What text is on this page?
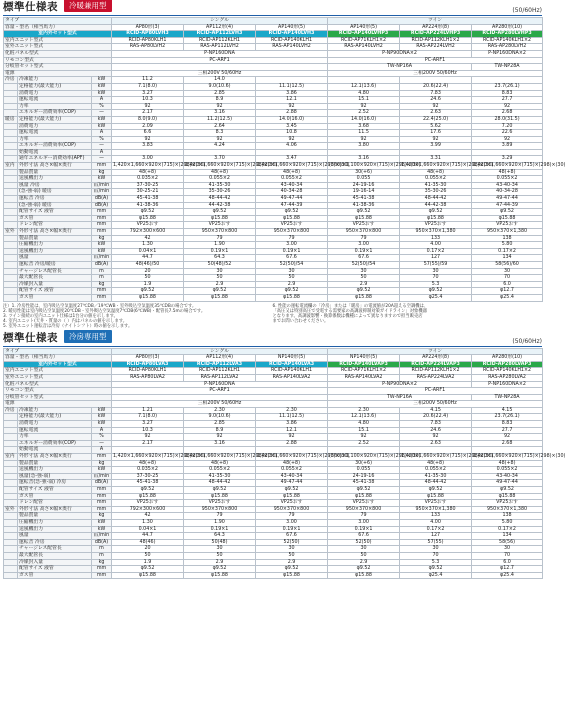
標準仕様表 冷暖兼用型
(50/60Hz)
タイプ			シングル			ツイン		
容量・型名（相当馬力）			AP80形(3)	AP112形(4)	AP140形(5)	AP140形(5)	AP224形(8)	AP280形(10)
室内外セット型式			RCID-AP80LVH3	RCID-AP112LVH3	RCID-AP140LVH3	RCID-AP140LVHP3	RCID-AP224LVHP3	RCID-AP280LVHP3
室内ユニット型式			RCID-AP80KLH1	RCID-AP112KLH1	RCID-AP140KLH1	RCID-AP71KLH1×2	RCID-AP112KLH1×2	RCID-AP140KLH1×2
室外ユニット型式			RAS-AP80LVH2	RAS-AP112LVH2	RAS-AP140LVH2	RAS-AP140LVH2	RAS-AP224LVH2	RAS-AP280LVH2
化粧パネル型式			P-NP160DNA			P-NP90DNA×2		P-NP160DNA×2
リモコン型式			PC-ARF1			PC-ARF1		
分岐管セット型式						TW-NP16A		TW-NP28A
電源			三相200V 50/60Hz			三相200V 50/60Hz		
冷房	冷凍能力	kW	11.2	14.0				
	定格能力(最大能力)	kW	7.1(8.0)	9.0(10.6)	11.1(12.5)	12.1(13.6)	20.6(22.4)	23.7(26.1)
	消費電力	kW	3.27	2.85	3.86	4.80	7.83	8.83
	運転電流	A	10.3	8.9	12.1	15.1	24.6	27.7
	力率	%	92	92	92	92	92	92
	エネルギー消費効率(COP)	—	2.17	3.16	2.88	2.52	2.63	2.68
暖房	定格能力(最大能力)	kW	8.0(9.0)	11.2(12.5)	14.0(16.0)	14.0(16.0)	22.4(25.0)	28.0(31.5)
	消費電力	kW	2.09	2.64	3.45	3.68	5.62	7.20
	運転電流	A	6.6	8.3	10.8	11.5	17.6	22.6
	力率	%	92	92	92	92	92	92
	エネルギー消費効率(COP)	—	3.83	4.24	4.06	3.80	3.99	3.89
	始動電流	A						
	通年エネルギー消費効率(APF)	—	3.00	3.70	3.47	3.16	3.31	3.29
室内	外形寸法 高さ×幅×奥行	mm	1,420×1,660×920×(715)×(298)×(30)	1,420×1,660×920×(715)×(298)×(30)	1,420×1,660×920×(715)×(298)×(30)	(360)×1,100×920×(715)×(298)×(30)	1,420×1,660×920×(715)×(298)×(30)	1,420×1,660×920×(715)×(298)×(30)
	製品質量	kg	48(+8)	48(+8)	48(+8)	30(+6)	48(+8)	48(+8)
	送風機出力	kW	0.035×2	0.055×2	0.055×2	0.055	0.055×2	0.055×2
	風量 冷房	㎥/min	37-30-25	41-35-30	43-40-34	24-19-16	41-35-30	43-40-34
	(急-強-弱) 暖房	㎥/min	30-25-21	35-30-26	40-34-28	19-16-14	35-30-26	40-34-28
	運転音 冷房	dB(A)	45-41-38	48-44-42	49-47-44	45-41-38	48-44-42	49-47-44
	(急-強-弱) 暖房	dB(A)	41-38-36	44-42-38	47-44-39	41-38-36	44-42-38	47-44-39
	配管サイズ 液管	mm	φ9.52	φ9.52	φ9.52	φ9.52	φ9.52	φ9.52
	ガス管	mm	φ15.88	φ15.88	φ15.88	φ15.88	φ15.88	φ15.88
	ドレン配管	mm	VP25おす	VP25おす	VP25おす	VP25おす	VP25おす	VP25おす
室外	外形寸法 高さ×幅×奥行	mm	792×300×600	950×370×800	950×370×800	950×370×800	950×370×1,380	950×370×1,380
	製品質量	kg	42	79	79	79	133	138
	圧縮機出力	kW	1.30	1.90	3.00	3.00	4.00	5.80
	送風機出力	kW	0.04×1	0.19×1	0.19×1	0.19×1	0.17×2	0.17×2
	風量	㎥/min	44.7	64.3	67.6	67.6	127	134
	運転音 冷房/暖房	dB(A)	48(46)/50	50(48)/52	52(50)/54	52(50)/54	57(55)/59	58(56)/60
	チャージレス配管長	m	20	30	30	30	30	30
	最大配管長	m	50	50	50	50	70	70
	冷媒封入量	kg	1.9	2.9	2.9	2.9	5.3	6.0
	配管サイズ 液管	mm	φ9.52	φ9.52	φ9.52	φ9.52	φ9.52	φ12.7
	ガス管	mm	φ15.88	φ15.88	φ15.88	φ15.88	φ25.4	φ25.4

注）1. 冷房性能は、室内吸込空気温度27℃DB／19℃WB・室外吸込空気温度35℃DBの場合です。

2. 暖房性能は室内吸込空気温度20℃DB・室外吸込空気温度7℃DB(6℃WB)・配管長7.5mの場合です。

3. ツイン接続の室内ユニット仕様は1台分の値を示します。

4. 室内ユニット(天井・質量の（ ）内はパネルの値を示します。

5. 室外ユニット運転音は冷房（ナイトシフト）時の値を示します。

6. 性能の運転電流欄の「冷房」または「暖房」の電流値が20A超える空調機は、

「高圧又は特別高圧で受電する需要家の高調波抑制対策ガイドライン」対象機器

となります。高調波影響・換算係数は機種によって異なりますので担当販売店

までお問い合わせください。

標準仕様表 冷房専用型
(50/60Hz)
タイプ			シングル			ツイン		
容量・型名（相当馬力）			AP80形(3)	AP112形(4)	NP140形(5)	NP140形(5)	AP224形(8)	AP280形(10)
室内外セット型式			RCID-AP80LVA3	RCID-AP112LVA3	RCID-AP140LVA3	RCID-AP140LVAP3	RCID-AP224LVAP3	RCID-AP280LVAP3
室内ユニット型式			RCID-AP80KLH1	RCID-AP112KLH1	RCID-AP140KLH1	RCID-AP71KLH1×2	RCID-AP112KLH1×2	RCID-AP140KLH1×2
室外ユニット型式			RAS-AP80LVA2	RAS-AP112LVA2	RAS-AP140LVA2	RAS-AP140LVA2	RAS-AP224LVA2	RAS-AP280LVA2
化粧パネル型式			P-NP160DNA			P-NP90DNA×2		P-NP160DNA×2
リモコン型式			PC-ARF1			PC-ARF1		
分岐管セット型式						TW-NP16A		TW-NP28A
電源			三相200V 50/60Hz			三相200V 50/60Hz		
冷房	冷凍能力	kW	1.21	2.30	2.30	2.30	4.15	4.15
	定格能力(最大能力)	kW	7.1(8.0)	9.0(10.6)	11.1(12.5)	12.1(13.6)	20.6(22.4)	23.7(26.1)
	消費電力	kW	3.27	2.85	3.86	4.80	7.83	8.83
	運転電流	A	10.3	8.9	12.1	15.1	24.6	27.7
	力率	%	92	92	92	92	92	92
	エネルギー消費効率(COP)	—	2.17	3.16	2.88	2.52	2.63	2.68
	始動電流	A						
室内	外形寸法 高さ×幅×奥行	mm	1,420×1,660×920×(715)×(298)×(30)	1,420×1,660×920×(715)×(298)×(30)	1,420×1,660×920×(715)×(298)×(30)	(360)×1,100×920×(715)×(298)×(30)	1,420×1,660×920×(715)×(298)×(30)	1,420×1,660×920×(715)×(298)×(30)
	製品質量	kg	48(+8)	48(+8)	48(+8)	30(+6)	48(+8)	48(+8)
	送風機出力	kW	0.035×2	0.055×2	0.055×2	0.055	0.055×2	0.055×2
	風量(急-強-弱)	㎥/min	37-30-25	41-35-30	43-40-34	24-19-16	41-35-30	43-40-34
	運転音(急-強-弱) 冷房	dB(A)	45-41-38	48-44-42	49-47-44	45-41-38	48-44-42	49-47-44
	配管サイズ 液管	mm	φ9.52	φ9.52	φ9.52	φ9.52	φ9.52	φ9.52
	ガス管	mm	φ15.88	φ15.88	φ15.88	φ15.88	φ15.88	φ15.88
	ドレン配管	mm	VP25おす	VP25おす	VP25おす	VP25おす	VP25おす	VP25おす
室外	外形寸法 高さ×幅×奥行	mm	792×300×600	950×370×800	950×370×800	950×370×800	950×370×1,380	950×370×1,380
	製品質量	kg	42	79	79	79	133	138
	圧縮機出力	kW	1.30	1.90	3.00	3.00	4.00	5.80
	送風機出力	kW	0.04×1	0.19×1	0.19×1	0.19×1	0.17×2	0.17×2
	風量	㎥/min	44.7	64.3	67.6	67.6	127	134
	運転音 冷房	dB(A)	48(46)	50(48)	52(50)	52(50)	57(55)	58(56)
	チャージレス配管長	m	20	30	30	30	30	30
	最大配管長	m	50	50	50	50	70	70
	冷媒封入量	kg	1.9	2.9	2.9	2.9	5.3	6.0
	配管サイズ 液管	mm	φ9.52	φ9.52	φ9.52	φ9.52	φ9.52	φ12.7
	ガス管	mm	φ15.88	φ15.88	φ15.88	φ15.88	φ25.4	φ25.4
